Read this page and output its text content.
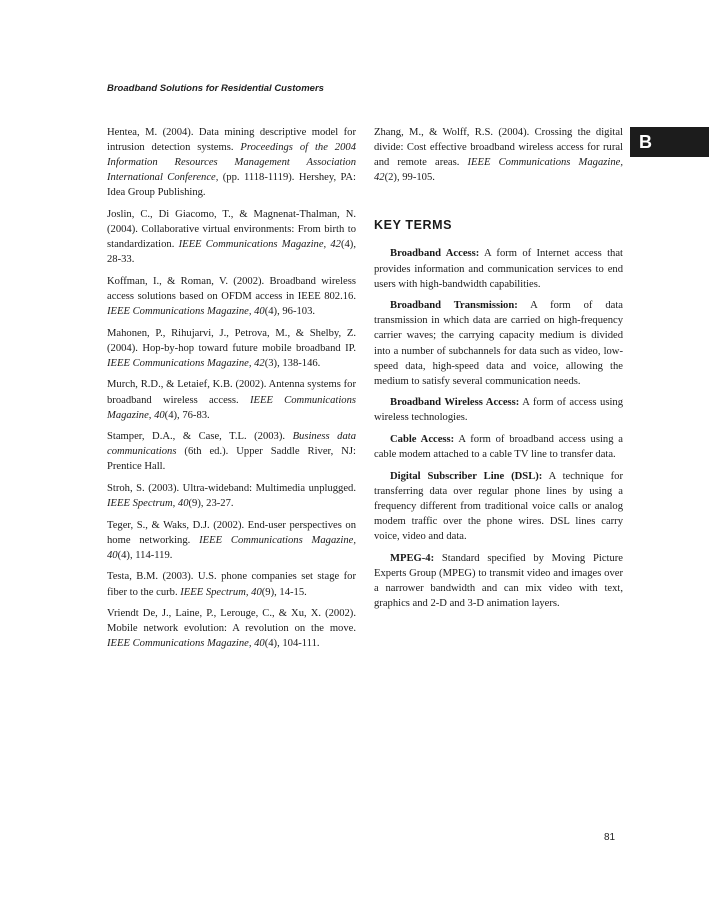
Broadband Solutions for Residential Customers
B

Hentea, M. (2004). Data mining descriptive model for intrusion detection systems. Proceedings of the 2004 Information Resources Management Association International Conference, (pp. 1118-1119). Hershey, PA: Idea Group Publishing.

Joslin, C., Di Giacomo, T., & Magnenat-Thalman, N. (2004). Collaborative virtual environments: From birth to standardization. IEEE Communications Magazine, 42(4), 28-33.

Koffman, I., & Roman, V. (2002). Broadband wireless access solutions based on OFDM access in IEEE 802.16. IEEE Communications Magazine, 40(4), 96-103.

Mahonen, P., Rihujarvi, J., Petrova, M., & Shelby, Z. (2004). Hop-by-hop toward future mobile broadband IP. IEEE Communications Magazine, 42(3), 138-146.

Murch, R.D., & Letaief, K.B. (2002). Antenna systems for broadband wireless access. IEEE Communications Magazine, 40(4), 76-83.

Stamper, D.A., & Case, T.L. (2003). Business data communications (6th ed.). Upper Saddle River, NJ: Prentice Hall.

Stroh, S. (2003). Ultra-wideband: Multimedia unplugged. IEEE Spectrum, 40(9), 23-27.

Teger, S., & Waks, D.J. (2002). End-user perspectives on home networking. IEEE Communications Magazine, 40(4), 114-119.

Testa, B.M. (2003). U.S. phone companies set stage for fiber to the curb. IEEE Spectrum, 40(9), 14-15.

Vriendt De, J., Laine, P., Lerouge, C., & Xu, X. (2002). Mobile network evolution: A revolution on the move. IEEE Communications Magazine, 40(4), 104-111.

Zhang, M., & Wolff, R.S. (2004). Crossing the digital divide: Cost effective broadband wireless access for rural and remote areas. IEEE Communications Magazine, 42(2), 99-105.

KEY TERMS

Broadband Access: A form of Internet access that provides information and communication services to end users with high-bandwidth capabilities.

Broadband Transmission: A form of data transmission in which data are carried on high-frequency carrier waves; the carrying capacity medium is divided into a number of subchannels for data such as video, low-speed data, high-speed data and voice, allowing the medium to satisfy several communication needs.

Broadband Wireless Access: A form of access using wireless technologies.

Cable Access: A form of broadband access using a cable modem attached to a cable TV line to transfer data.

Digital Subscriber Line (DSL): A technique for transferring data over regular phone lines by using a frequency different from traditional voice calls or analog modem traffic over the phone wires. DSL lines carry voice, video and data.

MPEG-4: Standard specified by Moving Picture Experts Group (MPEG) to transmit video and images over a narrower bandwidth and can mix video with text, graphics and 2-D and 3-D animation layers.

81
